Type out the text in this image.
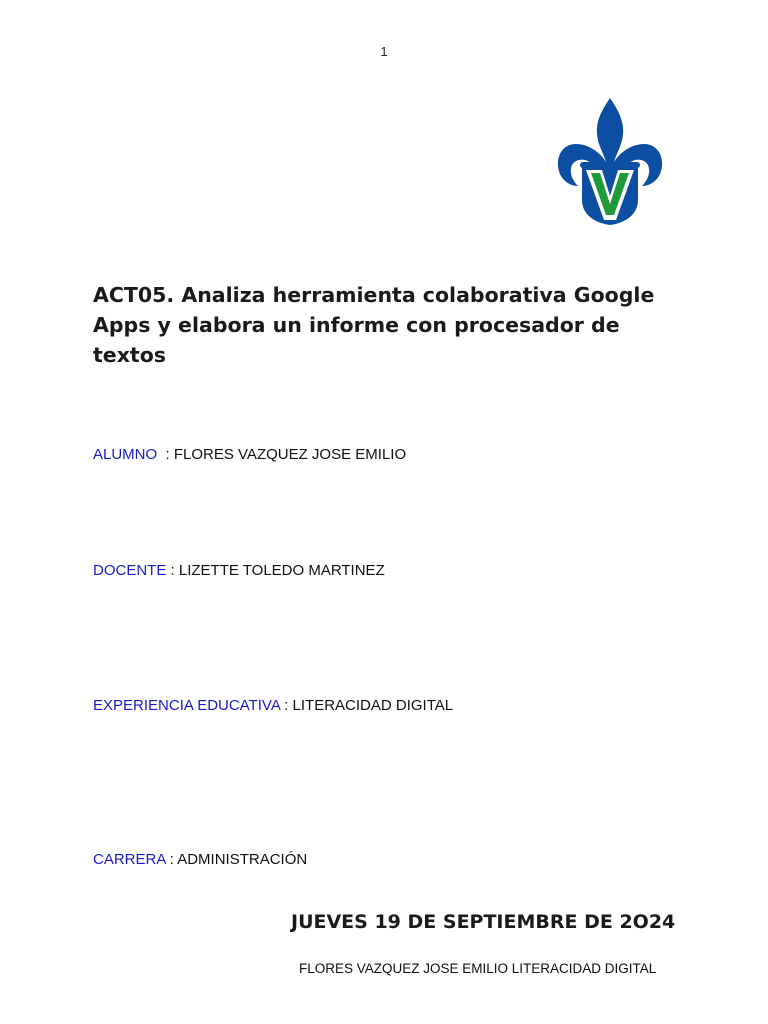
1
ACT05. Analiza herramienta colaborativa Google Apps y elabora un informe con procesador de textos
ALUMNO  : FLORES VAZQUEZ JOSE EMILIO
DOCENTE : LIZETTE TOLEDO MARTINEZ
EXPERIENCIA EDUCATIVA : LITERACIDAD DIGITAL
CARRERA : ADMINISTRACIÓN
JUEVES 19 DE SEPTIEMBRE DE 2O24
FLORES VAZQUEZ JOSE EMILIO LITERACIDAD DIGITAL
